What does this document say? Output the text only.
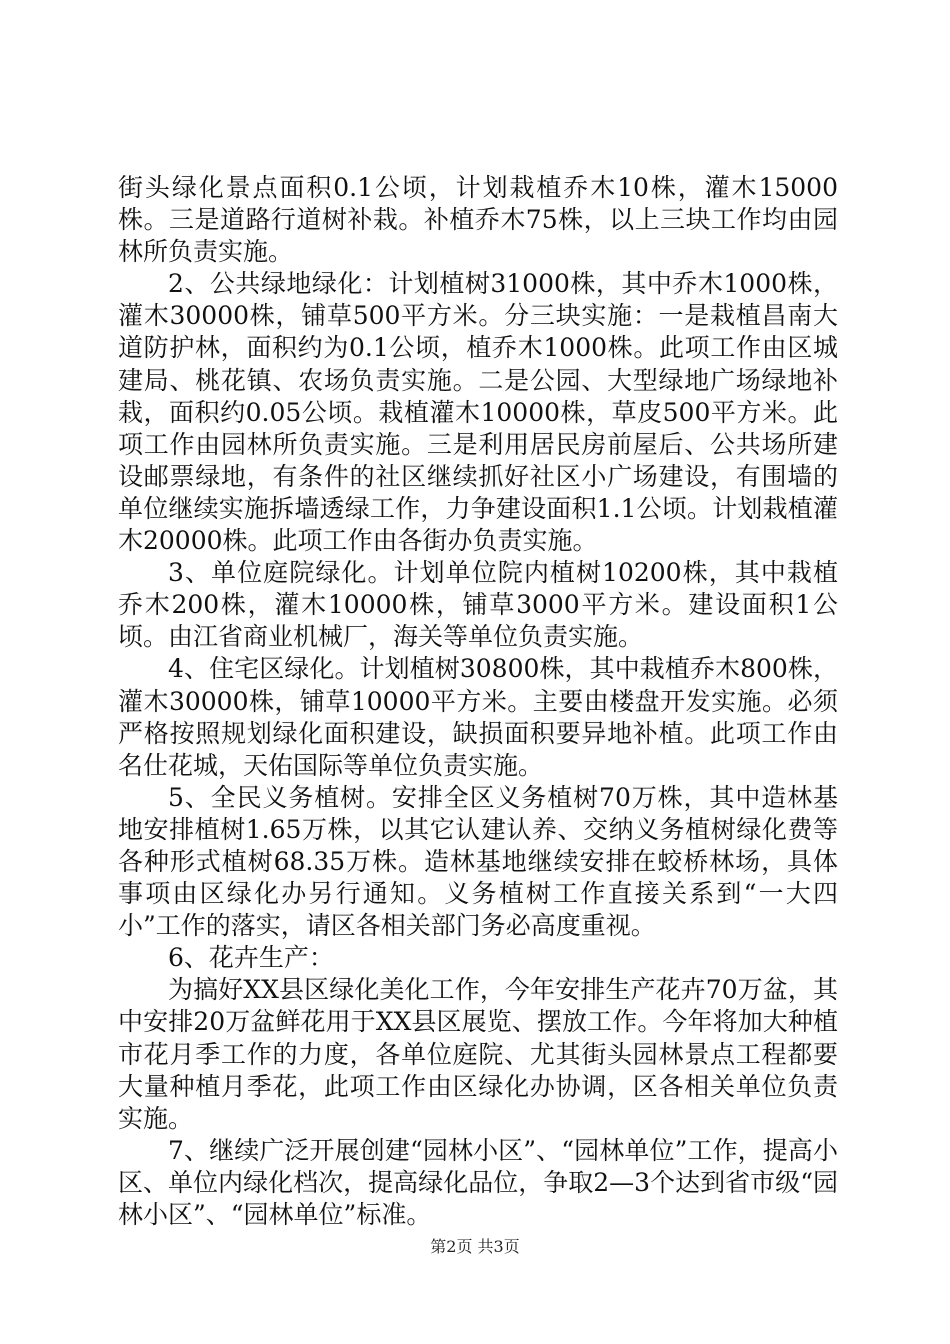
街头绿化景点面积0.1公顷，计划栽植乔木10株，灌木15000株。三是道路行道树补栽。补植乔木75株，以上三块工作均由园林所负责实施。

2、公共绿地绿化：计划植树31000株，其中乔木1000株，灌木30000株，铺草500平方米。分三块实施：一是栽植昌南大道防护林，面积约为0.1公顷，植乔木1000株。此项工作由区城建局、桃花镇、农场负责实施。二是公园、大型绿地广场绿地补栽，面积约0.05公顷。栽植灌木10000株，草皮500平方米。此项工作由园林所负责实施。三是利用居民房前屋后、公共场所建设邮票绿地，有条件的社区继续抓好社区小广场建设，有围墙的单位继续实施拆墙透绿工作，力争建设面积1.1公顷。计划栽植灌木20000株。此项工作由各街办负责实施。

3、单位庭院绿化。计划单位院内植树10200株，其中栽植乔木200株，灌木10000株，铺草3000平方米。建设面积1公顷。由江省商业机械厂，海关等单位负责实施。

4、住宅区绿化。计划植树30800株，其中栽植乔木800株，灌木30000株，铺草10000平方米。主要由楼盘开发实施。必须严格按照规划绿化面积建设，缺损面积要异地补植。此项工作由名仕花城，天佑国际等单位负责实施。

5、全民义务植树。安排全区义务植树70万株，其中造林基地安排植树1.65万株，以其它认建认养、交纳义务植树绿化费等各种形式植树68.35万株。造林基地继续安排在蛟桥林场，具体事项由区绿化办另行通知。义务植树工作直接关系到“一大四小”工作的落实，请区各相关部门务必高度重视。

6、花卉生产：

为搞好XX县区绿化美化工作，今年安排生产花卉70万盆，其中安排20万盆鲜花用于XX县区展览、摆放工作。今年将加大种植市花月季工作的力度，各单位庭院、尤其街头园林景点工程都要大量种植月季花，此项工作由区绿化办协调，区各相关单位负责实施。

7、继续广泛开展创建“园林小区”、“园林单位”工作，提高小区、单位内绿化档次，提高绿化品位，争取2—3个达到省市级“园林小区”、“园林单位”标准。

第2页 共3页
